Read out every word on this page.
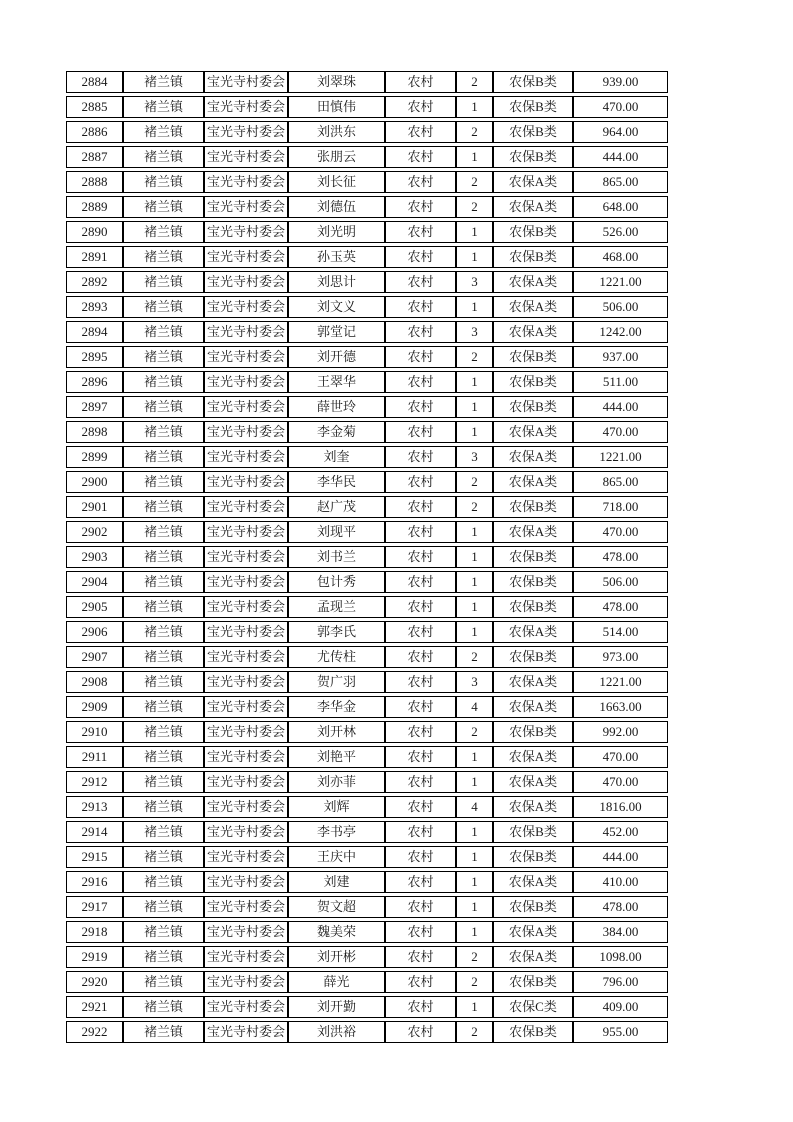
2884	褚兰镇	宝光寺村委会	刘翠珠	农村	2	农保B类	939.00
2885	褚兰镇	宝光寺村委会	田慎伟	农村	1	农保B类	470.00
2886	褚兰镇	宝光寺村委会	刘洪东	农村	2	农保B类	964.00
2887	褚兰镇	宝光寺村委会	张朋云	农村	1	农保B类	444.00
2888	褚兰镇	宝光寺村委会	刘长征	农村	2	农保A类	865.00
2889	褚兰镇	宝光寺村委会	刘德伍	农村	2	农保A类	648.00
2890	褚兰镇	宝光寺村委会	刘光明	农村	1	农保B类	526.00
2891	褚兰镇	宝光寺村委会	孙玉英	农村	1	农保B类	468.00
2892	褚兰镇	宝光寺村委会	刘思计	农村	3	农保A类	1221.00
2893	褚兰镇	宝光寺村委会	刘文义	农村	1	农保A类	506.00
2894	褚兰镇	宝光寺村委会	郭堂记	农村	3	农保A类	1242.00
2895	褚兰镇	宝光寺村委会	刘开德	农村	2	农保B类	937.00
2896	褚兰镇	宝光寺村委会	王翠华	农村	1	农保B类	511.00
2897	褚兰镇	宝光寺村委会	薛世玲	农村	1	农保B类	444.00
2898	褚兰镇	宝光寺村委会	李金菊	农村	1	农保A类	470.00
2899	褚兰镇	宝光寺村委会	刘奎	农村	3	农保A类	1221.00
2900	褚兰镇	宝光寺村委会	李华民	农村	2	农保A类	865.00
2901	褚兰镇	宝光寺村委会	赵广茂	农村	2	农保B类	718.00
2902	褚兰镇	宝光寺村委会	刘现平	农村	1	农保A类	470.00
2903	褚兰镇	宝光寺村委会	刘书兰	农村	1	农保B类	478.00
2904	褚兰镇	宝光寺村委会	包计秀	农村	1	农保B类	506.00
2905	褚兰镇	宝光寺村委会	孟现兰	农村	1	农保B类	478.00
2906	褚兰镇	宝光寺村委会	郭李氏	农村	1	农保A类	514.00
2907	褚兰镇	宝光寺村委会	尤传柱	农村	2	农保B类	973.00
2908	褚兰镇	宝光寺村委会	贺广羽	农村	3	农保A类	1221.00
2909	褚兰镇	宝光寺村委会	李华金	农村	4	农保A类	1663.00
2910	褚兰镇	宝光寺村委会	刘开林	农村	2	农保B类	992.00
2911	褚兰镇	宝光寺村委会	刘艳平	农村	1	农保A类	470.00
2912	褚兰镇	宝光寺村委会	刘亦菲	农村	1	农保A类	470.00
2913	褚兰镇	宝光寺村委会	刘辉	农村	4	农保A类	1816.00
2914	褚兰镇	宝光寺村委会	李书亭	农村	1	农保B类	452.00
2915	褚兰镇	宝光寺村委会	王庆中	农村	1	农保B类	444.00
2916	褚兰镇	宝光寺村委会	刘建	农村	1	农保A类	410.00
2917	褚兰镇	宝光寺村委会	贺文超	农村	1	农保B类	478.00
2918	褚兰镇	宝光寺村委会	魏美荣	农村	1	农保A类	384.00
2919	褚兰镇	宝光寺村委会	刘开彬	农村	2	农保A类	1098.00
2920	褚兰镇	宝光寺村委会	薛光	农村	2	农保B类	796.00
2921	褚兰镇	宝光寺村委会	刘开勤	农村	1	农保C类	409.00
2922	褚兰镇	宝光寺村委会	刘洪裕	农村	2	农保B类	955.00
